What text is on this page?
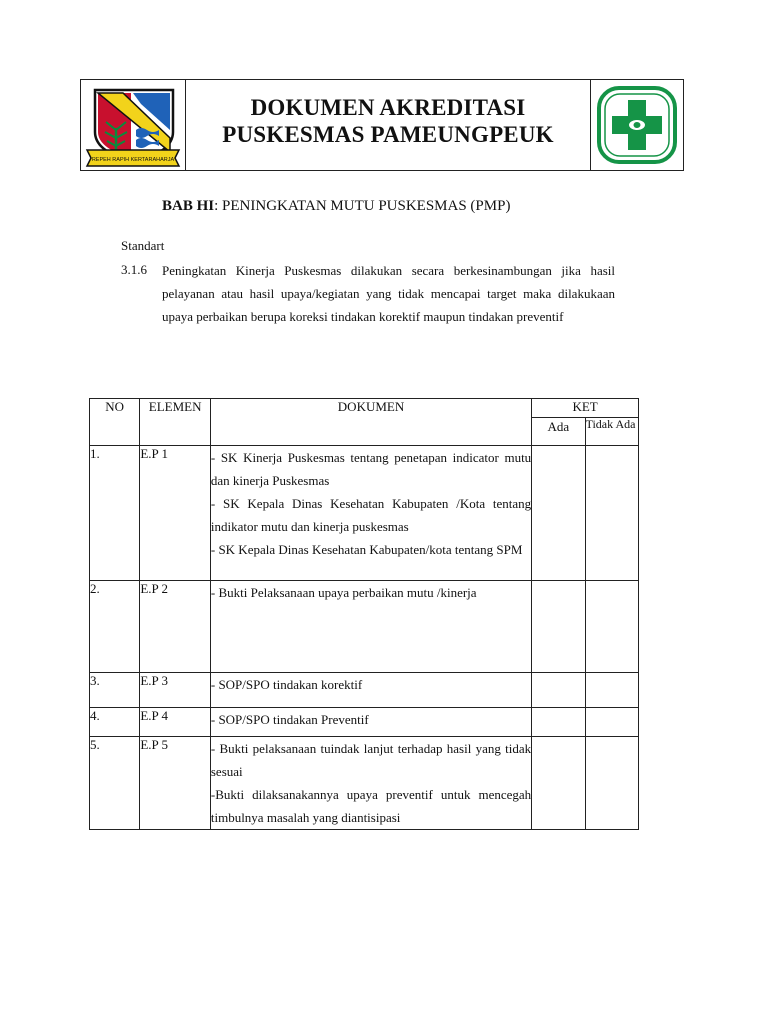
REPEH RAPIH KERTARAHARJA
DOKUMEN AKREDITASI
PUSKESMAS PAMEUNGPEUK
BAB HI: PENINGKATAN MUTU PUSKESMAS (PMP)
Standart
3.1.6 Peningkatan Kinerja Puskesmas dilakukan secara berkesinambungan jika hasil pelayanan atau hasil upaya/kegiatan yang tidak mencapai target maka dilakukaan upaya perbaikan berupa koreksi tindakan korektif maupun tindakan preventif
NO	ELEMEN	DOKUMEN	KET	
			Ada	Tidak Ada
1.	E.P 1	- SK Kinerja Puskesmas tentang penetapan indicator mutu dan kinerja Puskesmas

- SK Kepala Dinas Kesehatan Kabupaten /Kota tentang indikator mutu dan kinerja puskesmas

- SK Kepala Dinas Kesehatan Kabupaten/kota tentang SPM		

2.	E.P 2	- Bukti Pelaksanaan upaya perbaikan mutu /kinerja		

3.	E.P 3	- SOP/SPO tindakan korektif		

4.	E.P 4	- SOP/SPO tindakan Preventif		

5.	E.P 5	- Bukti pelaksanaan tuindak lanjut terhadap hasil yang tidak sesuai

-Bukti dilaksanakannya upaya preventif untuk mencegah timbulnya masalah yang diantisipasi		
